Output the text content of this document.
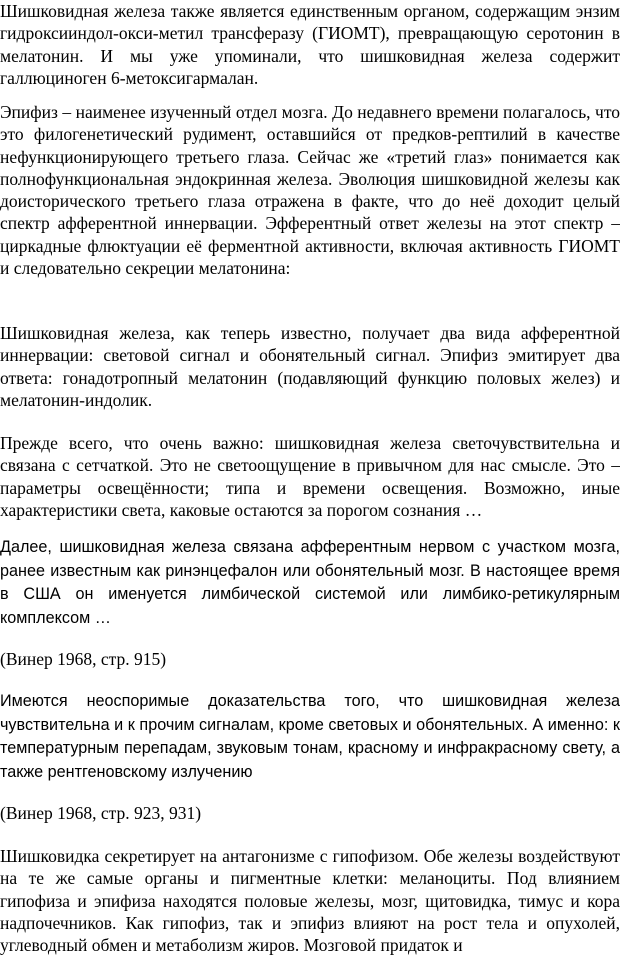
Шишковидная железа также является единственным органом, содержащим энзим гидроксииндол-окси-метил трансферазу (ГИОМТ), превращающую серотонин в мелатонин. И мы уже упоминали, что шишковидная железа содержит галлюциноген 6-метоксигармалан.

Эпифиз – наименее изученный отдел мозга. До недавнего времени полагалось, что это филогенетический рудимент, оставшийся от предков-рептилий в качестве нефункционирующего третьего глаза. Сейчас же «третий глаз» понимается как полнофункциональная эндокринная железа. Эволюция шишковидной железы как доисторического третьего глаза отражена в факте, что до неё доходит целый спектр афферентной иннервации. Эфферентный ответ железы на этот спектр – циркадные флюктуации её ферментной активности, включая активность ГИОМТ и следовательно секреции мелатонина:

Шишковидная железа, как теперь известно, получает два вида афферентной иннервации: световой сигнал и обонятельный сигнал. Эпифиз эмитирует два ответа: гонадотропный мелатонин (подавляющий функцию половых желез) и мелатонин-индолик.

Прежде всего, что очень важно: шишковидная железа светочувствительна и связана с сетчаткой. Это не светоощущение в привычном для нас смысле. Это – параметры освещённости; типа и времени освещения. Возможно, иные характеристики света, каковые остаются за порогом сознания …

Далее, шишковидная железа связана афферентным нервом с участком мозга, ранее известным как ринэнцефалон или обонятельный мозг. В настоящее время в США он именуется лимбической системой или лимбико-ретикулярным комплексом …

(Винер 1968, стр. 915)

Имеются неоспоримые доказательства того, что шишковидная железа чувствительна и к прочим сигналам, кроме световых и обонятельных. А именно: к температурным перепадам, звуковым тонам, красному и инфракрасному свету, а также рентгеновскому излучению

(Винер 1968, стр. 923, 931)

Шишковидка секретирует на антагонизме с гипофизом. Обе железы воздействуют на те же самые органы и пигментные клетки: меланоциты. Под влиянием гипофиза и эпифиза находятся половые железы, мозг, щитовидка, тимус и кора надпочечников. Как гипофиз, так и эпифиз влияют на рост тела и опухолей, углеводный обмен и метаболизм жиров. Мозговой придаток и
